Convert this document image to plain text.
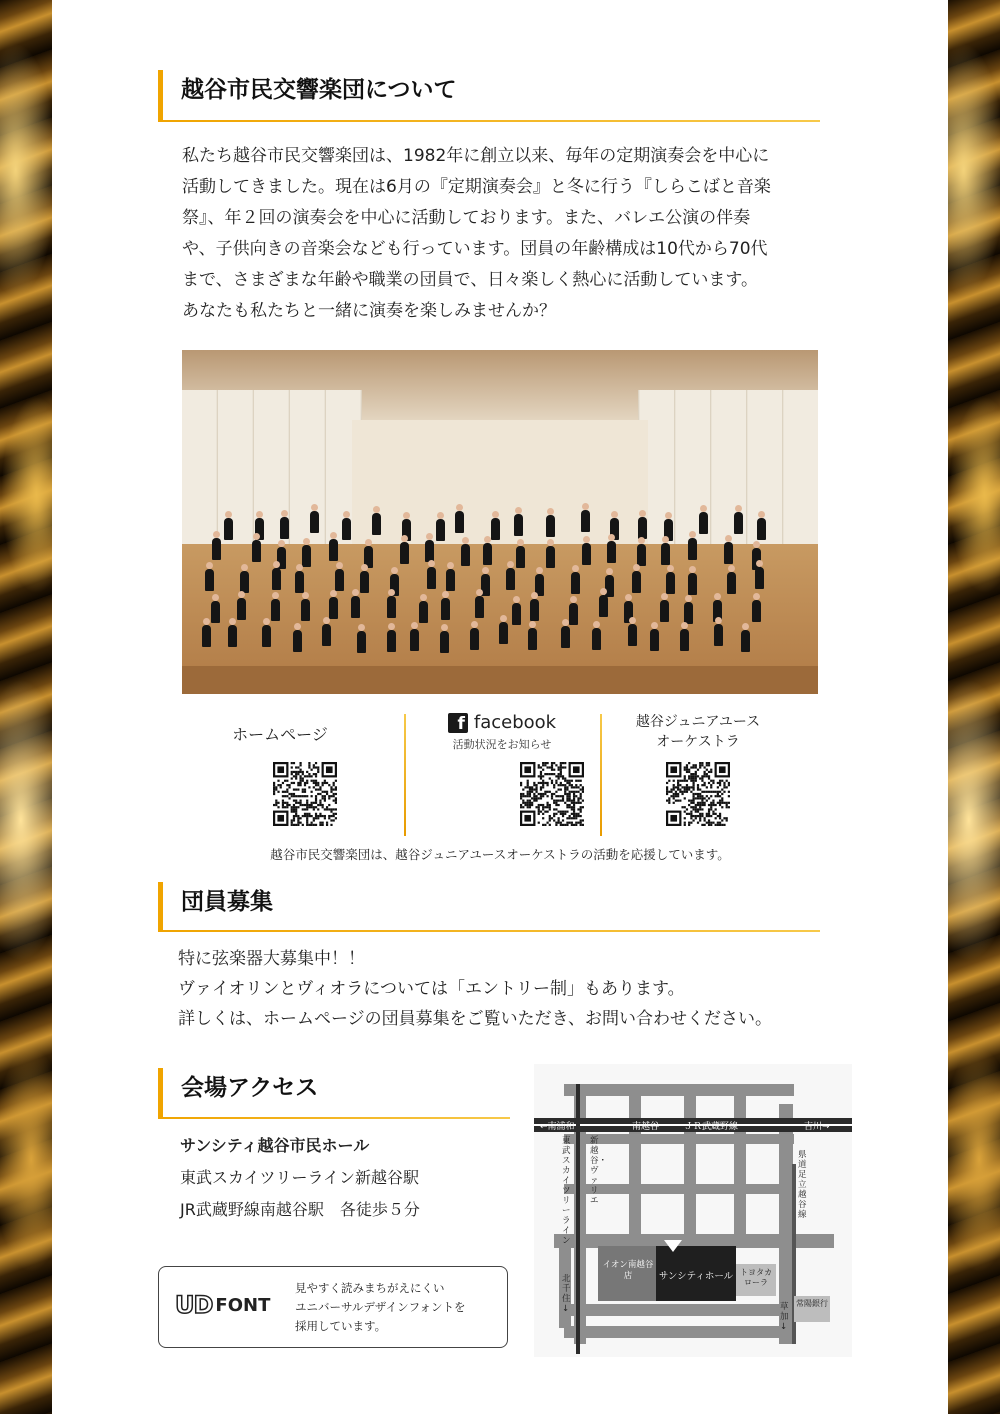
越谷市民交響楽団について
私たち越谷市民交響楽団は、1982年に創立以来、毎年の定期演奏会を中心に
活動してきました。現在は6月の『定期演奏会』と冬に行う『しらこばと音楽
祭』、年２回の演奏会を中心に活動しております。また、バレエ公演の伴奏
や、子供向きの音楽会なども行っています。団員の年齢構成は10代から70代
まで、さまざまな年齢や職業の団員で、日々楽しく熱心に活動しています。
あなたも私たちと一緒に演奏を楽しみませんか？
ホームページ
f facebook
活動状況をお知らせ
越谷ジュニアユース
オーケストラ
越谷市民交響楽団は、越谷ジュニアユースオーケストラの活動を応援しています。
団員募集
特に弦楽器大募集中！！
ヴァイオリンとヴィオラについては「エントリー制」もあります。
詳しくは、ホームページの団員募集をご覧いただき、お問い合わせください。
会場アクセス
サンシティ越谷市民ホール
東武スカイツリーライン新越谷駅
JR武蔵野線南越谷駅　各徒歩５分
UD FONT
見やすく読みまちがえにくい
ユニバーサルデザインフォントを
採用しています。
←南浦和	南越谷	ＪＲ武蔵野線	吉川→
東武スカイツリーライン
新越谷・ヴァリエ
県道足立越谷線
イオン南越谷店	サンシティホール トヨタカローラ
常陽銀行
北千住↓	草加↓
